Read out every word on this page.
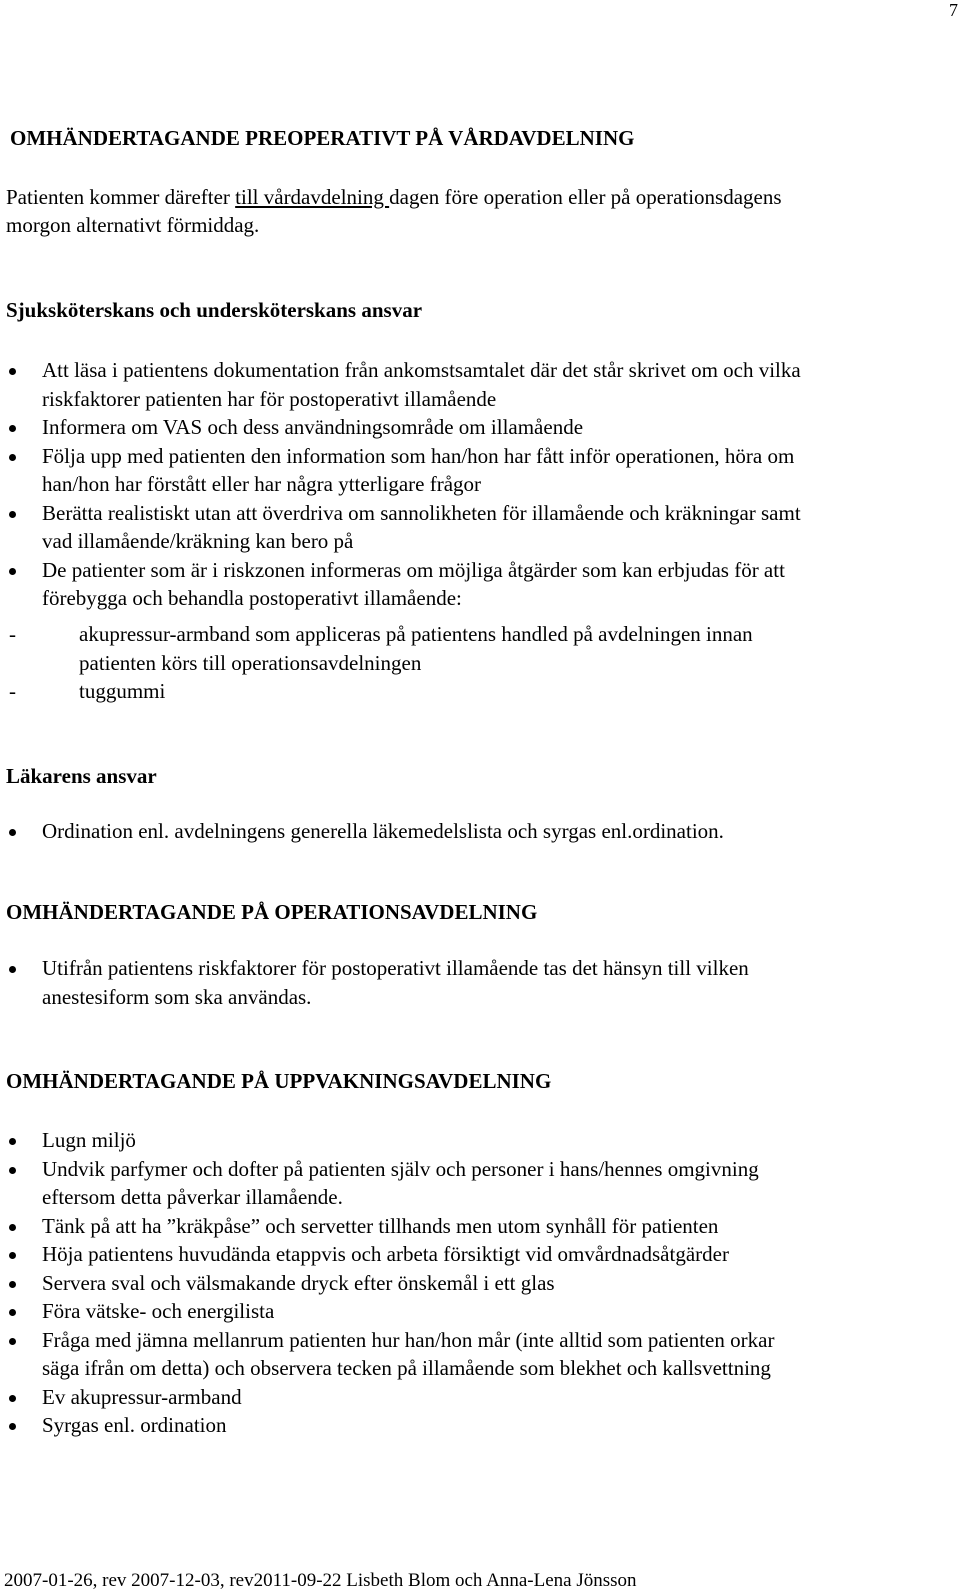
7
OMHÄNDERTAGANDE PREOPERATIVT PÅ VÅRDAVDELNING
Patienten kommer därefter till vårdavdelning dagen före operation eller på operationsdagens
morgon alternativt förmiddag.
Sjuksköterskans och undersköterskans ansvar
Att läsa i patientens dokumentation från ankomstsamtalet där det står skrivet om och vilka
riskfaktorer patienten har för postoperativt illamående
Informera om VAS och dess användningsområde om illamående
Följa upp med patienten den information som han/hon har fått inför operationen, höra om
han/hon har förstått eller har några ytterligare frågor
Berätta realistiskt utan att överdriva om sannolikheten för illamående och kräkningar samt
vad illamående/kräkning kan bero på
De patienter som är i riskzonen informeras om möjliga åtgärder som kan erbjudas för att
förebygga och behandla postoperativt illamående:
-	akupressur-armband som appliceras på patientens handled på avdelningen innan
patienten körs till operationsavdelningen
-	tuggummi
Läkarens ansvar
Ordination enl. avdelningens generella läkemedelslista och syrgas enl.ordination.
OMHÄNDERTAGANDE PÅ OPERATIONSAVDELNING
Utifrån patientens riskfaktorer för postoperativt illamående tas det hänsyn till vilken
anestesiform som ska användas.
OMHÄNDERTAGANDE PÅ UPPVAKNINGSAVDELNING
Lugn miljö
Undvik parfymer och dofter på patienten själv och personer i hans/hennes omgivning
eftersom detta påverkar illamående.
Tänk på att ha ”kräkpåse” och servetter tillhands men utom synhåll för patienten
Höja patientens huvudända etappvis och arbeta försiktigt vid omvårdnadsåtgärder
Servera sval och välsmakande dryck efter önskemål i ett glas
Föra vätske- och energilista
Fråga med jämna mellanrum patienten hur han/hon mår (inte alltid som patienten orkar
säga ifrån om detta) och observera tecken på illamående som blekhet och kallsvettning
Ev akupressur-armband
Syrgas enl. ordination
2007-01-26, rev 2007-12-03, rev2011-09-22 Lisbeth Blom och Anna-Lena Jönsson
